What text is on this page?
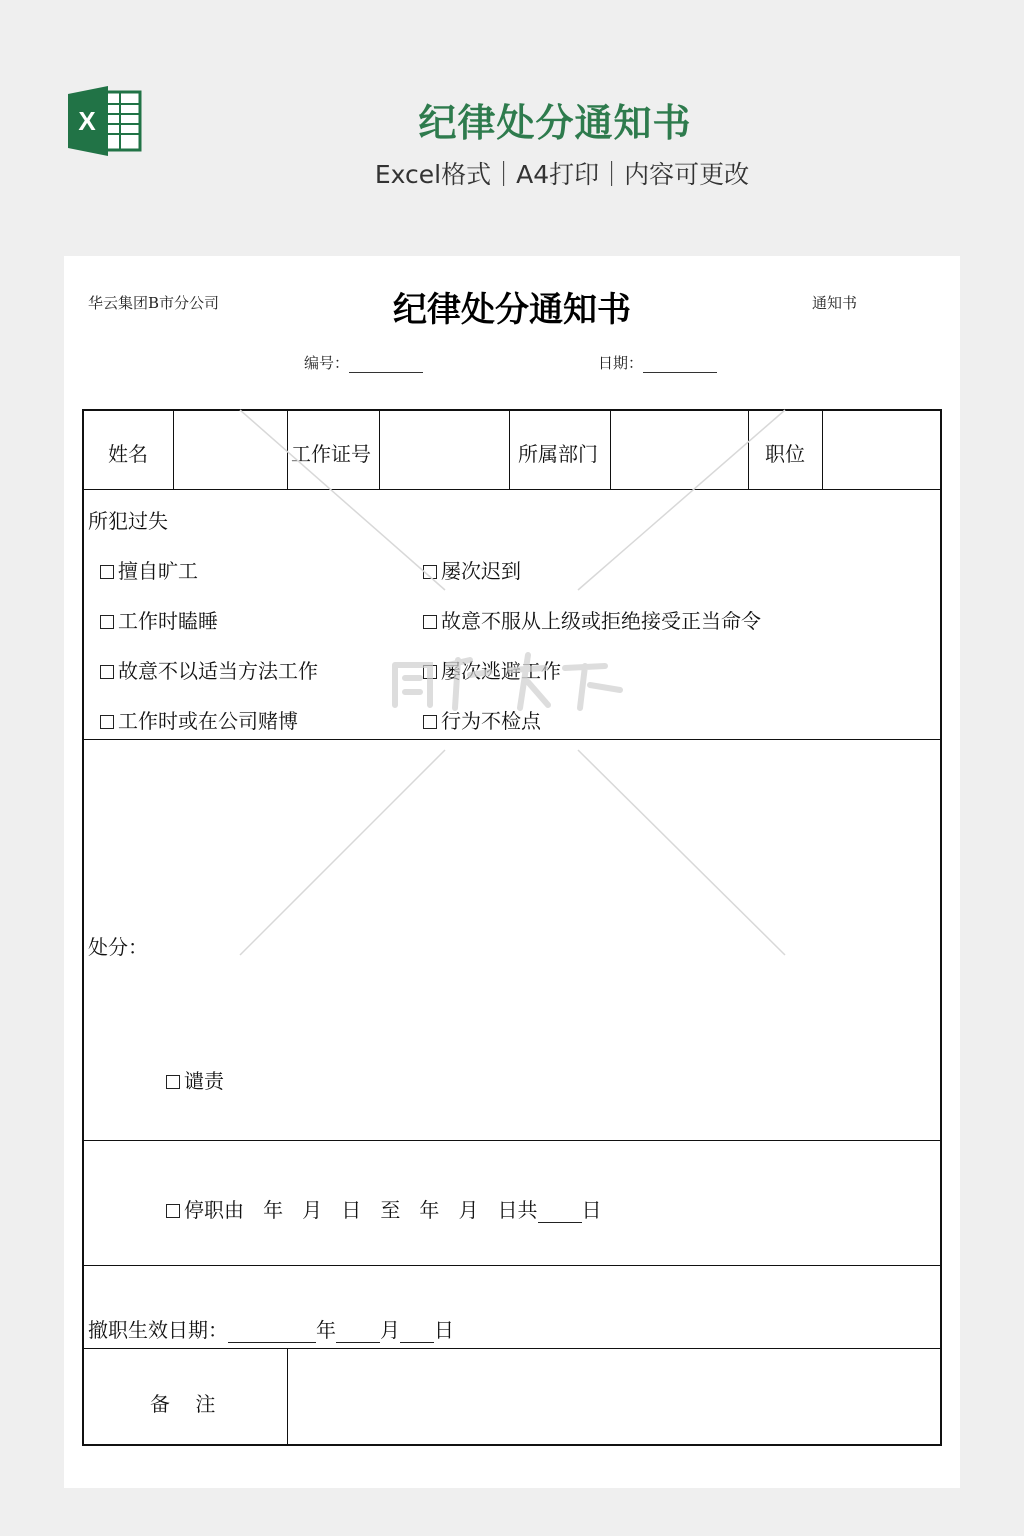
X	纪律处分通知书
Excel格式｜A4打印｜内容可更改
华云集团B市分公司	纪律处分通知书	通知书
编号：	日期：
姓名	工作证号	所属部门	职位
所犯过失
擅自旷工	屡次迟到
工作时瞌睡	故意不服从上级或拒绝接受正当命令
故意不以适当方法工作	屡次逃避工作
工作时或在公司赌博	行为不检点
处分：
谴责
停职由 年 月 日 至 年 月 日共 日
撤职生效日期：	年 月 日
备    注
